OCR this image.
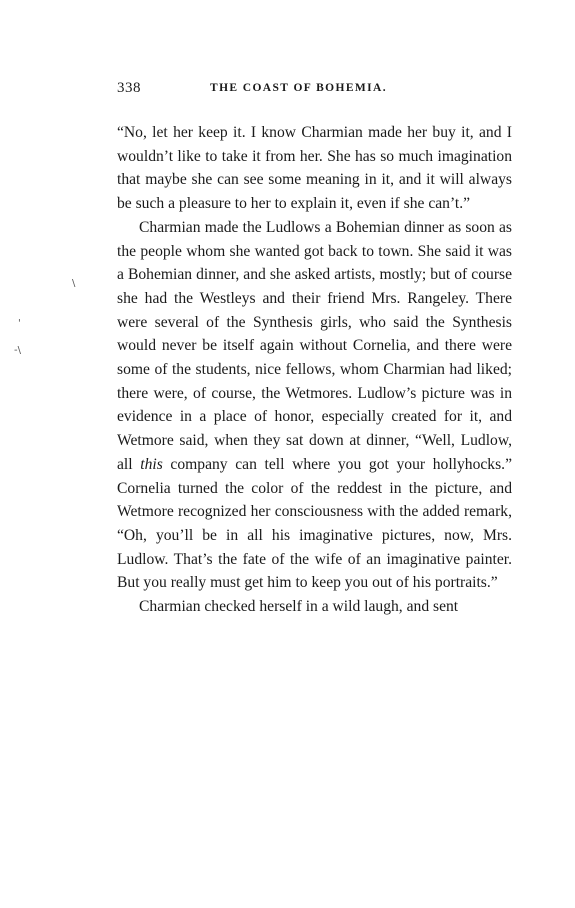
338	THE COAST OF BOHEMIA.

“No, let her keep it. I know Charmian made her buy it, and I wouldn’t like to take it from her. She has so much imagination that maybe she can see some meaning in it, and it will always be such a pleasure to her to explain it, even if she can’t.”

Charmian made the Ludlows a Bohemian dinner as soon as the people whom she wanted got back to town. She said it was a Bohemian dinner, and she asked artists, mostly; but of course she had the Westleys and their friend Mrs. Rangeley. There were several of the Synthesis girls, who said the Synthesis would never be itself again without Cornelia, and there were some of the students, nice fellows, whom Charmian had liked; there were, of course, the Wetmores. Ludlow’s picture was in evidence in a place of honor, especially created for it, and Wetmore said, when they sat down at dinner, “Well, Ludlow, all this company can tell where you got your hollyhocks.” Cornelia turned the color of the reddest in the picture, and Wetmore recognized her consciousness with the added remark, “Oh, you’ll be in all his imaginative pictures, now, Mrs. Ludlow. That’s the fate of the wife of an imaginative painter. But you really must get him to keep you out of his portraits.”

Charmian checked herself in a wild laugh, and sent

\
'
-\
